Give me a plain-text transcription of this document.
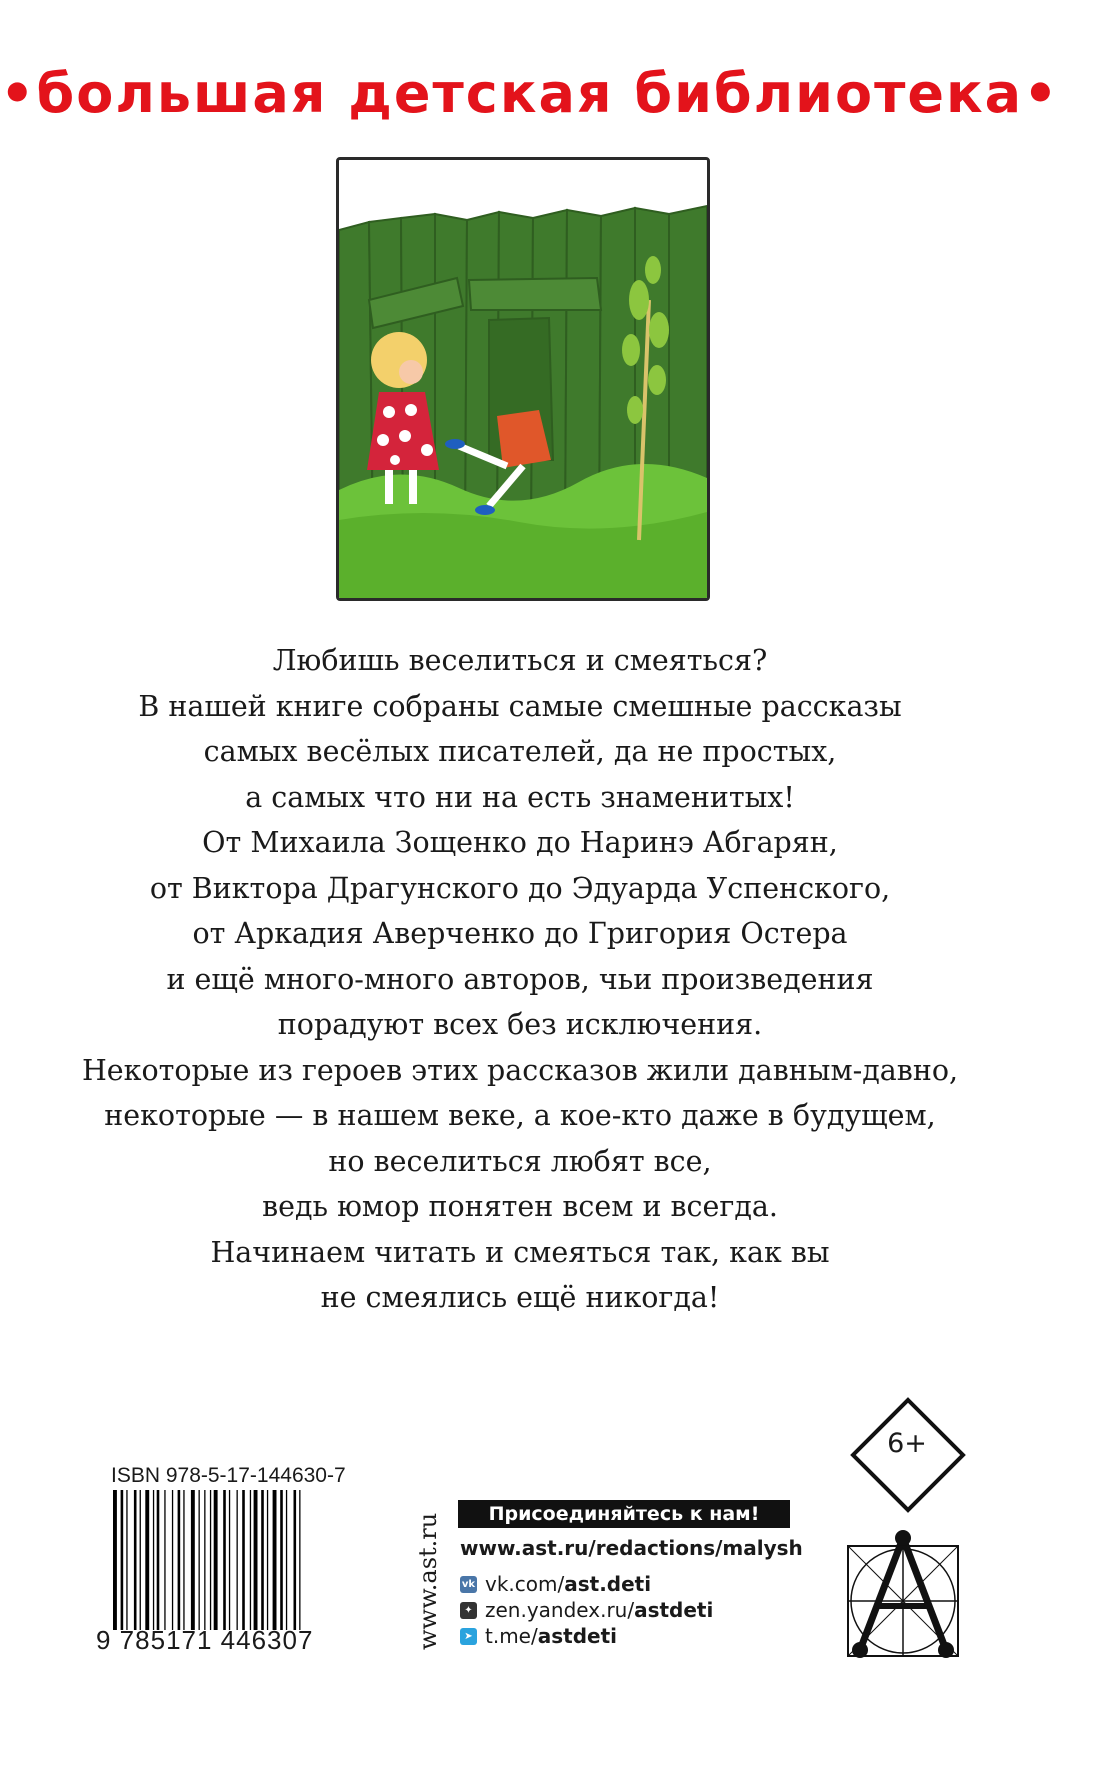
•большая детская библиотека•
Любишь веселиться и смеяться?
В нашей книге собраны самые смешные рассказы
самых весёлых писателей, да не простых,
а самых что ни на есть знаменитых!
От Михаила Зощенко до Наринэ Абгарян,
от Виктора Драгунского до Эдуарда Успенского,
от Аркадия Аверченко до Григория Остера
и ещё много-много авторов, чьи произведения
порадуют всех без исключения.
Некоторые из героев этих рассказов жили давным-давно,
некоторые — в нашем веке, а кое-кто даже в будущем,
но веселиться любят все,
ведь юмор понятен всем и всегда.
Начинаем читать и смеяться так, как вы
не смеялись ещё никогда!
ISBN 978-5-17-144630-7
9 785171 446307	www.ast.ru	Присоединяйтесь к нам!
www.ast.ru/redactions/malysh
vk vk.com/ ast.deti
✦ zen.yandex.ru/ astdeti
➤ t.me/ astdeti
6+
